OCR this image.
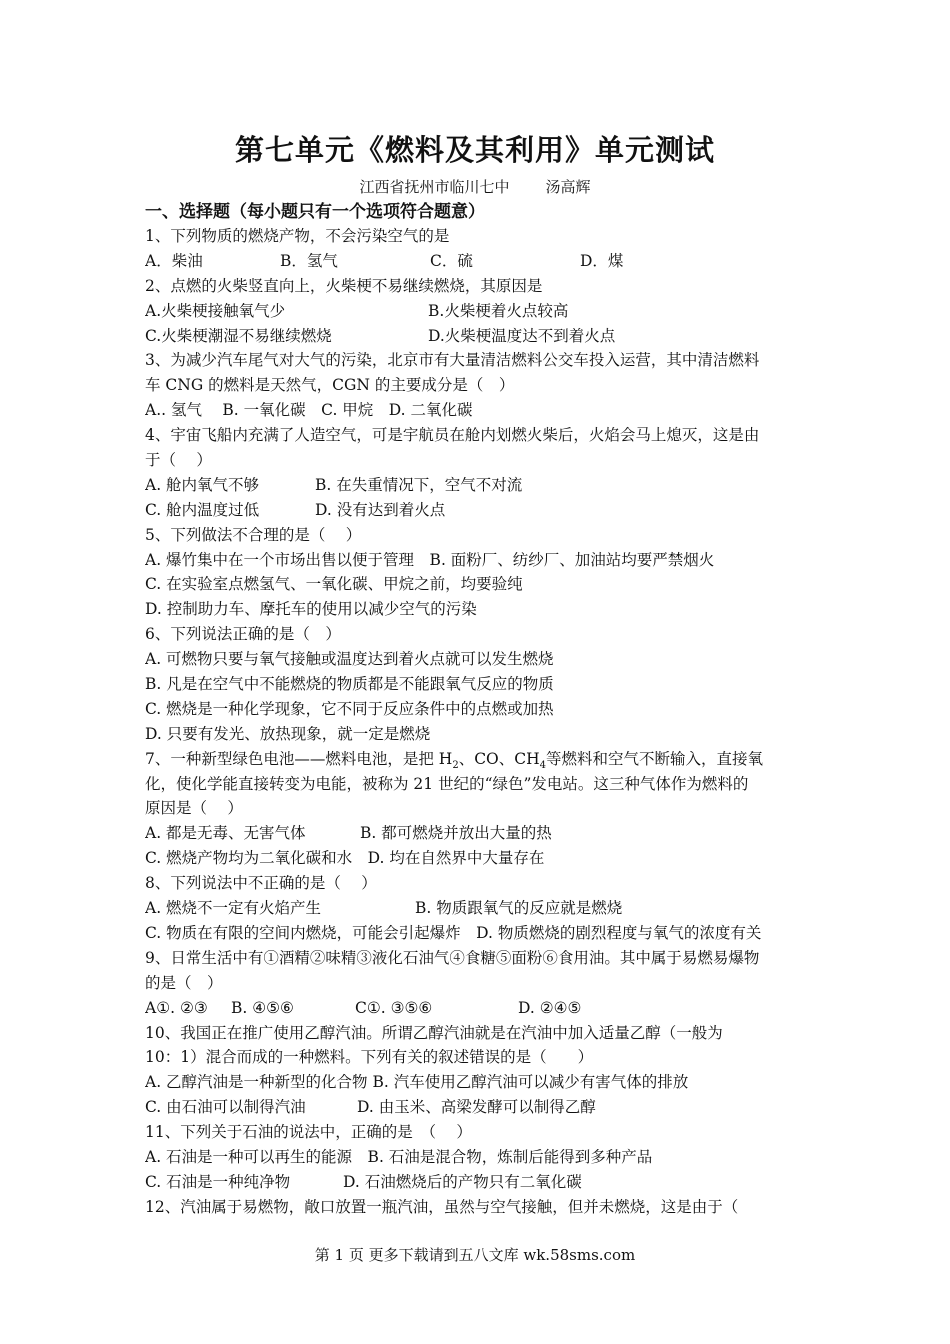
第七单元《燃料及其利用》单元测试
江西省抚州市临川七中 汤高辉
一、选择题（每小题只有一个选项符合题意）
1、下列物质的燃烧产物，不会污染空气的是
A．柴油	B．氢气	C．硫	D．煤
2、点燃的火柴竖直向上，火柴梗不易继续燃烧，其原因是
A.火柴梗接触氧气少	B.火柴梗着火点较高
C.火柴梗潮湿不易继续燃烧	D.火柴梗温度达不到着火点
3、为减少汽车尾气对大气的污染，北京市有大量清洁燃料公交车投入运营，其中清洁燃料
车 CNG 的燃料是天然气，CGN 的主要成分是（　）
A.. 氢气　 B. 一氧化碳　C. 甲烷　D. 二氧化碳
4、宇宙飞船内充满了人造空气，可是宇航员在舱内划燃火柴后，火焰会马上熄灭，这是由
于（　 ）
A. 舱内氧气不够	B. 在失重情况下，空气不对流
C. 舱内温度过低	D. 没有达到着火点
5、下列做法不合理的是（　 ）
A. 爆竹集中在一个市场出售以便于管理　B. 面粉厂、纺纱厂、加油站均要严禁烟火
C. 在实验室点燃氢气、一氧化碳、甲烷之前，均要验纯
D. 控制助力车、摩托车的使用以减少空气的污染
6、下列说法正确的是（　）
A. 可燃物只要与氧气接触或温度达到着火点就可以发生燃烧
B. 凡是在空气中不能燃烧的物质都是不能跟氧气反应的物质
C. 燃烧是一种化学现象，它不同于反应条件中的点燃或加热
D. 只要有发光、放热现象，就一定是燃烧
7、一种新型绿色电池——燃料电池，是把 $H_2$、CO、$CH_4$等燃料和空气不断输入，直接氧
化，使化学能直接转变为电能，被称为 21 世纪的“绿色”发电站。这三种气体作为燃料的
原因是（　 ）
A. 都是无毒、无害气体	B. 都可燃烧并放出大量的热
C. 燃烧产物均为二氧化碳和水　D. 均在自然界中大量存在
8、下列说法中不正确的是（　 ）
A. 燃烧不一定有火焰产生	B. 物质跟氧气的反应就是燃烧
C. 物质在有限的空间内燃烧，可能会引起爆炸　D. 物质燃烧的剧烈程度与氧气的浓度有关
9、日常生活中有①酒精②味精③液化石油气④食糖⑤面粉⑥食用油。其中属于易燃易爆物
的是（　）
A①. ②③ B. ④⑤⑥	C①. ③⑤⑥	D. ②④⑤
10、我国正在推广使用乙醇汽油。所谓乙醇汽油就是在汽油中加入适量乙醇（一般为
10：1）混合而成的一种燃料。下列有关的叙述错误的是（　　）
A. 乙醇汽油是一种新型的化合物 B. 汽车使用乙醇汽油可以减少有害气体的排放
C. 由石油可以制得汽油	D. 由玉米、高梁发酵可以制得乙醇
11、下列关于石油的说法中，正确的是　（　 ）
A. 石油是一种可以再生的能源　B. 石油是混合物，炼制后能得到多种产品
C. 石油是一种纯净物	D. 石油燃烧后的产物只有二氧化碳
12、汽油属于易燃物，敞口放置一瓶汽油，虽然与空气接触，但并未燃烧，这是由于（
第 1 页 更多下载请到五八文库 wk.58sms.com
